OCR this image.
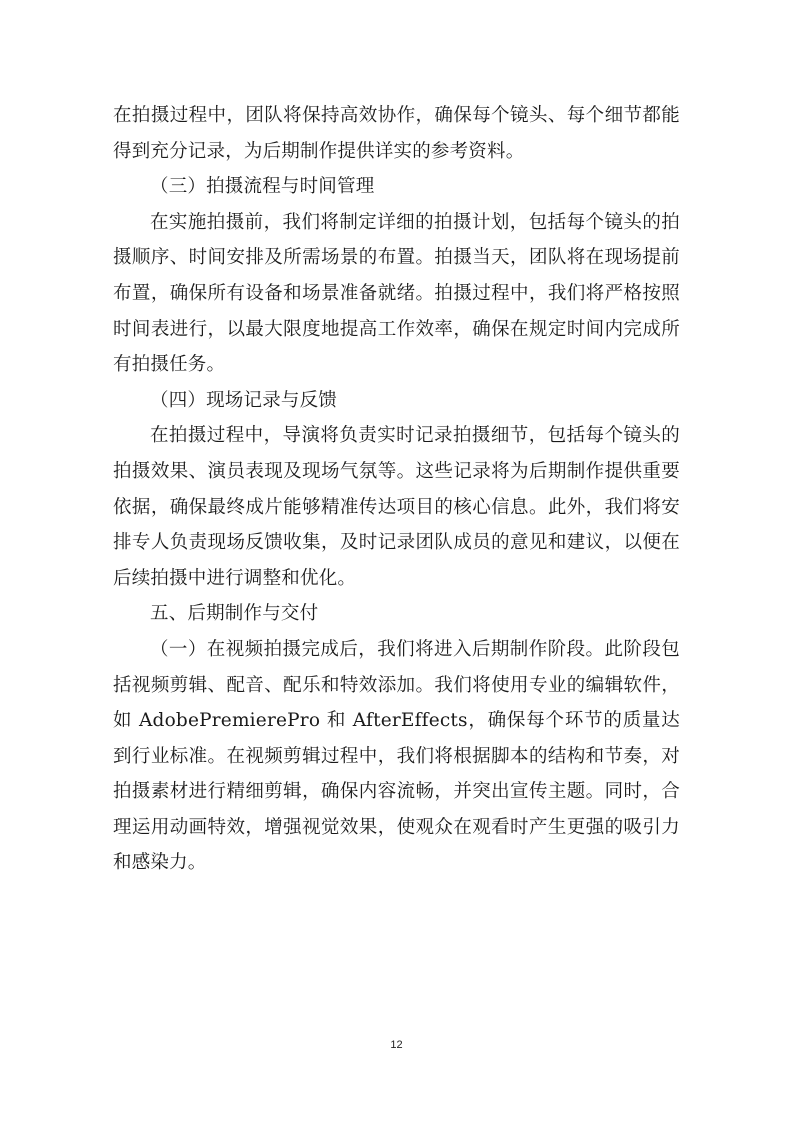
在拍摄过程中，团队将保持高效协作，确保每个镜头、每个细节都能得到充分记录，为后期制作提供详实的参考资料。

（三）拍摄流程与时间管理

在实施拍摄前，我们将制定详细的拍摄计划，包括每个镜头的拍摄顺序、时间安排及所需场景的布置。拍摄当天，团队将在现场提前布置，确保所有设备和场景准备就绪。拍摄过程中，我们将严格按照时间表进行，以最大限度地提高工作效率，确保在规定时间内完成所有拍摄任务。

（四）现场记录与反馈

在拍摄过程中，导演将负责实时记录拍摄细节，包括每个镜头的拍摄效果、演员表现及现场气氛等。这些记录将为后期制作提供重要依据，确保最终成片能够精准传达项目的核心信息。此外，我们将安排专人负责现场反馈收集，及时记录团队成员的意见和建议，以便在后续拍摄中进行调整和优化。

五、后期制作与交付

（一）在视频拍摄完成后，我们将进入后期制作阶段。此阶段包括视频剪辑、配音、配乐和特效添加。我们将使用专业的编辑软件，如 AdobePremierePro 和 AfterEffects，确保每个环节的质量达到行业标准。在视频剪辑过程中，我们将根据脚本的结构和节奏，对拍摄素材进行精细剪辑，确保内容流畅，并突出宣传主题。同时，合理运用动画特效，增强视觉效果，使观众在观看时产生更强的吸引力和感染力。

12
